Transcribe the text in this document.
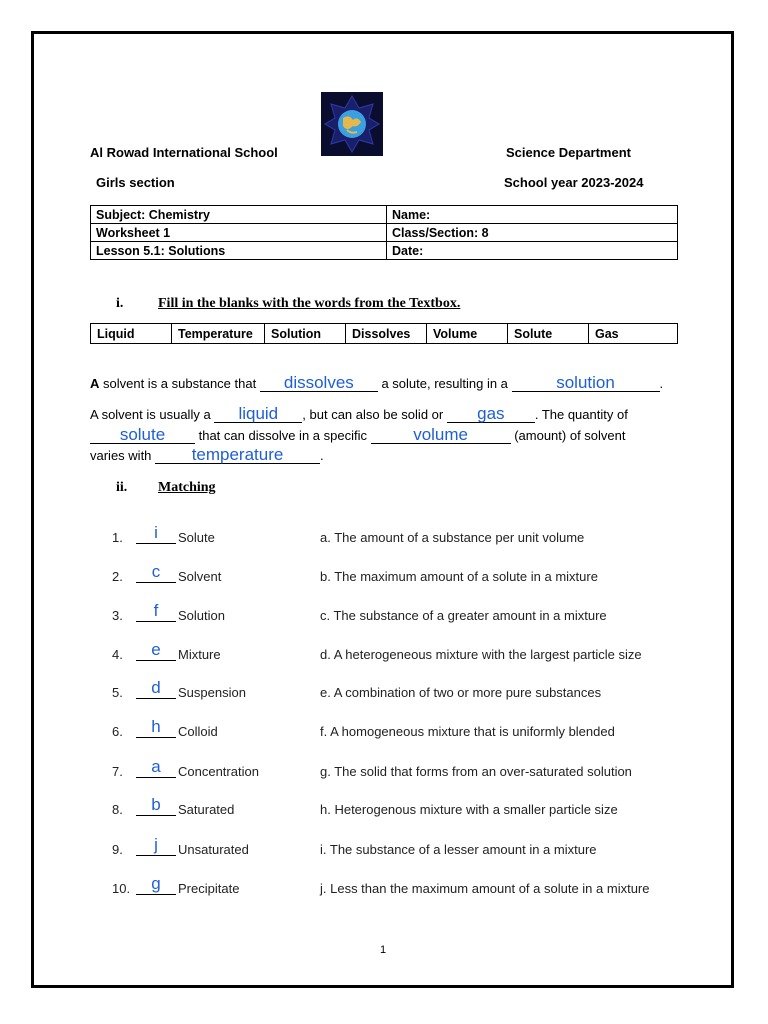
Al Rowad International School	Science Department
Girls section	School year 2023-2024
Subject: Chemistry	Name:
Worksheet 1	Class/Section: 8
Lesson 5.1: Solutions	Date:
i. Fill in the blanks with the words from the Textbox.
Liquid	Temperature	Solution	Dissolves	Volume	Solute	Gas
A solvent is a substance that dissolves a solute, resulting in a	solution	.
A solvent is usually a liquid , but can also be solid or gas . The quantity of
solute that can dissolve in a specific	volume	(amount) of solvent
varies with temperature	.
ii. Matching
1.	i	Solute	a. The amount of a substance per unit volume
2.	c	Solvent	b. The maximum amount of a solute in a mixture
3.	f	Solution	c. The substance of a greater amount in a mixture
4.	e	Mixture	d. A heterogeneous mixture with the largest particle size
5.	d	Suspension	e. A combination of two or more pure substances
6.	h	Colloid	f. A homogeneous mixture that is uniformly blended
7.	a	Concentration	g. The solid that forms from an over-saturated solution
8.	b	Saturated	h. Heterogenous mixture with a smaller particle size
9.	j	Unsaturated	i. The substance of a lesser amount in a mixture
10.	g	Precipitate	j. Less than the maximum amount of a solute in a mixture
1
